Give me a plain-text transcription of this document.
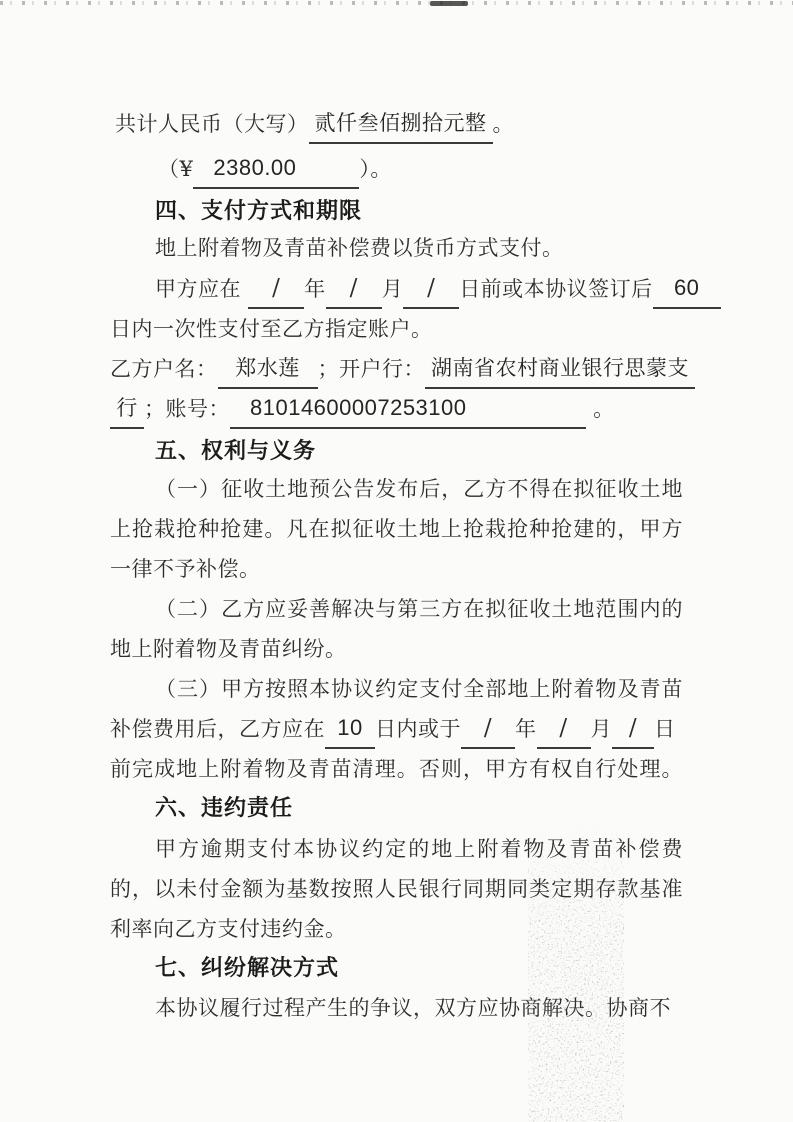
共计人民币（大写） 贰仟叁佰捌拾元整 。
（¥ 2380.00	）。
四、支付方式和期限
地上附着物及青苗补偿费以货币方式支付。
甲方应在 / 年 / 月 / 日前或本协议签订后 60
日内一次性支付至乙方指定账户。
乙方户名： 郑水莲 ；开户行： 湖南省农村商业银行思蒙支
行 ；账号： 81014600007253100	。
五、权利与义务
（一）征收土地预公告发布后，乙方不得在拟征收土地
上抢栽抢种抢建。凡在拟征收土地上抢栽抢种抢建的，甲方
一律不予补偿。
（二）乙方应妥善解决与第三方在拟征收土地范围内的
地上附着物及青苗纠纷。
（三）甲方按照本协议约定支付全部地上附着物及青苗
补偿费用后，乙方应在 10 日内或于 / 年 / 月 / 日
前完成地上附着物及青苗清理。否则，甲方有权自行处理。
六、违约责任
甲方逾期支付本协议约定的地上附着物及青苗补偿费
的，以未付金额为基数按照人民银行同期同类定期存款基准
利率向乙方支付违约金。
七、纠纷解决方式
本协议履行过程产生的争议，双方应协商解决。协商不
